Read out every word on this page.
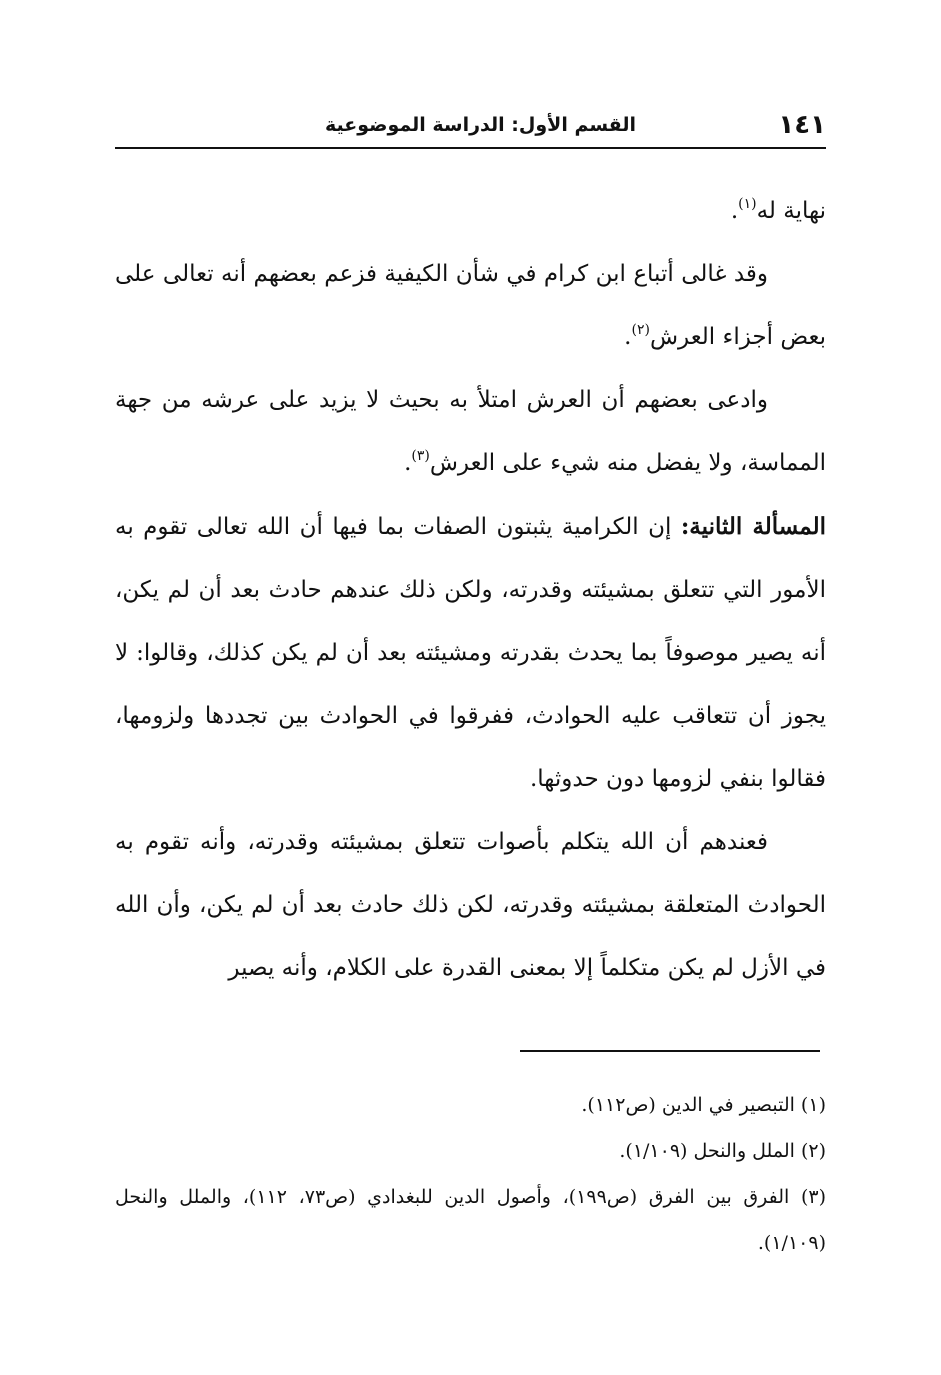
١٤١
القسم الأول: الدراسة الموضوعية

نهاية له$^{(١)}$.

وقد غالى أتباع ابن كرام في شأن الكيفية فزعم بعضهم أنه تعالى على بعض أجزاء العرش$^{(٢)}$.

وادعى بعضهم أن العرش امتلأ به بحيث لا يزيد على عرشه من جهة المماسة، ولا يفضل منه شيء على العرش$^{(٣)}$.

المسألة الثانية: إن الكرامية يثبتون الصفات بما فيها أن الله تعالى تقوم به الأمور التي تتعلق بمشيئته وقدرته، ولكن ذلك عندهم حادث بعد أن لم يكن، أنه يصير موصوفاً بما يحدث بقدرته ومشيئته بعد أن لم يكن كذلك، وقالوا: لا يجوز أن تتعاقب عليه الحوادث، ففرقوا في الحوادث بين تجددها ولزومها، فقالوا بنفي لزومها دون حدوثها.

فعندهم أن الله يتكلم بأصوات تتعلق بمشيئته وقدرته، وأنه تقوم به الحوادث المتعلقة بمشيئته وقدرته، لكن ذلك حادث بعد أن لم يكن، وأن الله في الأزل لم يكن متكلماً إلا بمعنى القدرة على الكلام، وأنه يصير

(١) التبصير في الدين (ص١١٢).

(٢) الملل والنحل (١/١٠٩).

(٣) الفرق بين الفرق (ص١٩٩)، وأصول الدين للبغدادي (ص٧٣، ١١٢)، والملل والنحل (١/١٠٩).
